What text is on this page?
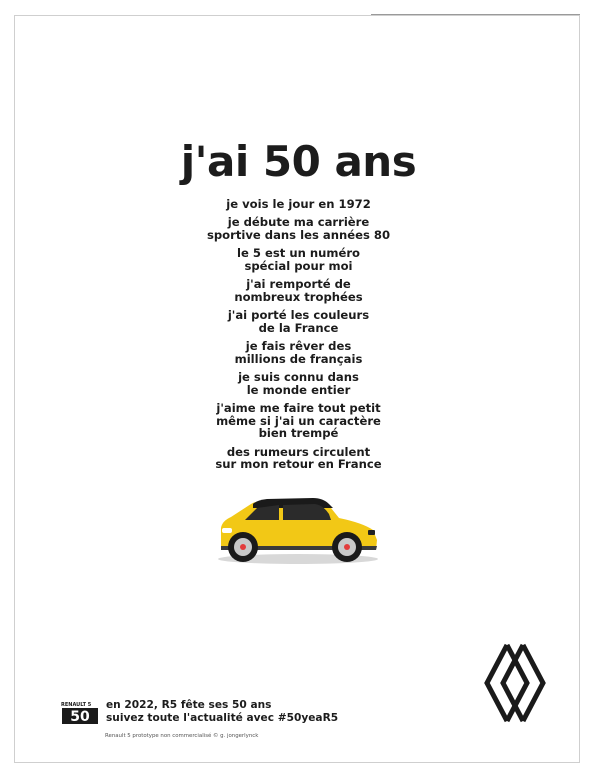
j'ai 50 ans
je vois le jour en 1972
je débute ma carrière
sportive dans les années 80
le 5 est un numéro
spécial pour moi
j'ai remporté de
nombreux trophées
j'ai porté les couleurs
de la France
je fais rêver des
millions de français
je suis connu dans
le monde entier
j'aime me faire tout petit
même si j'ai un caractère
bien trempé
des rumeurs circulent
sur mon retour en France
RENAULT 5
50
en 2022, R5 fête ses 50 ans
suivez toute l'actualité avec #50yeaR5
Renault 5 prototype non commercialisé © g. jongerlynck
